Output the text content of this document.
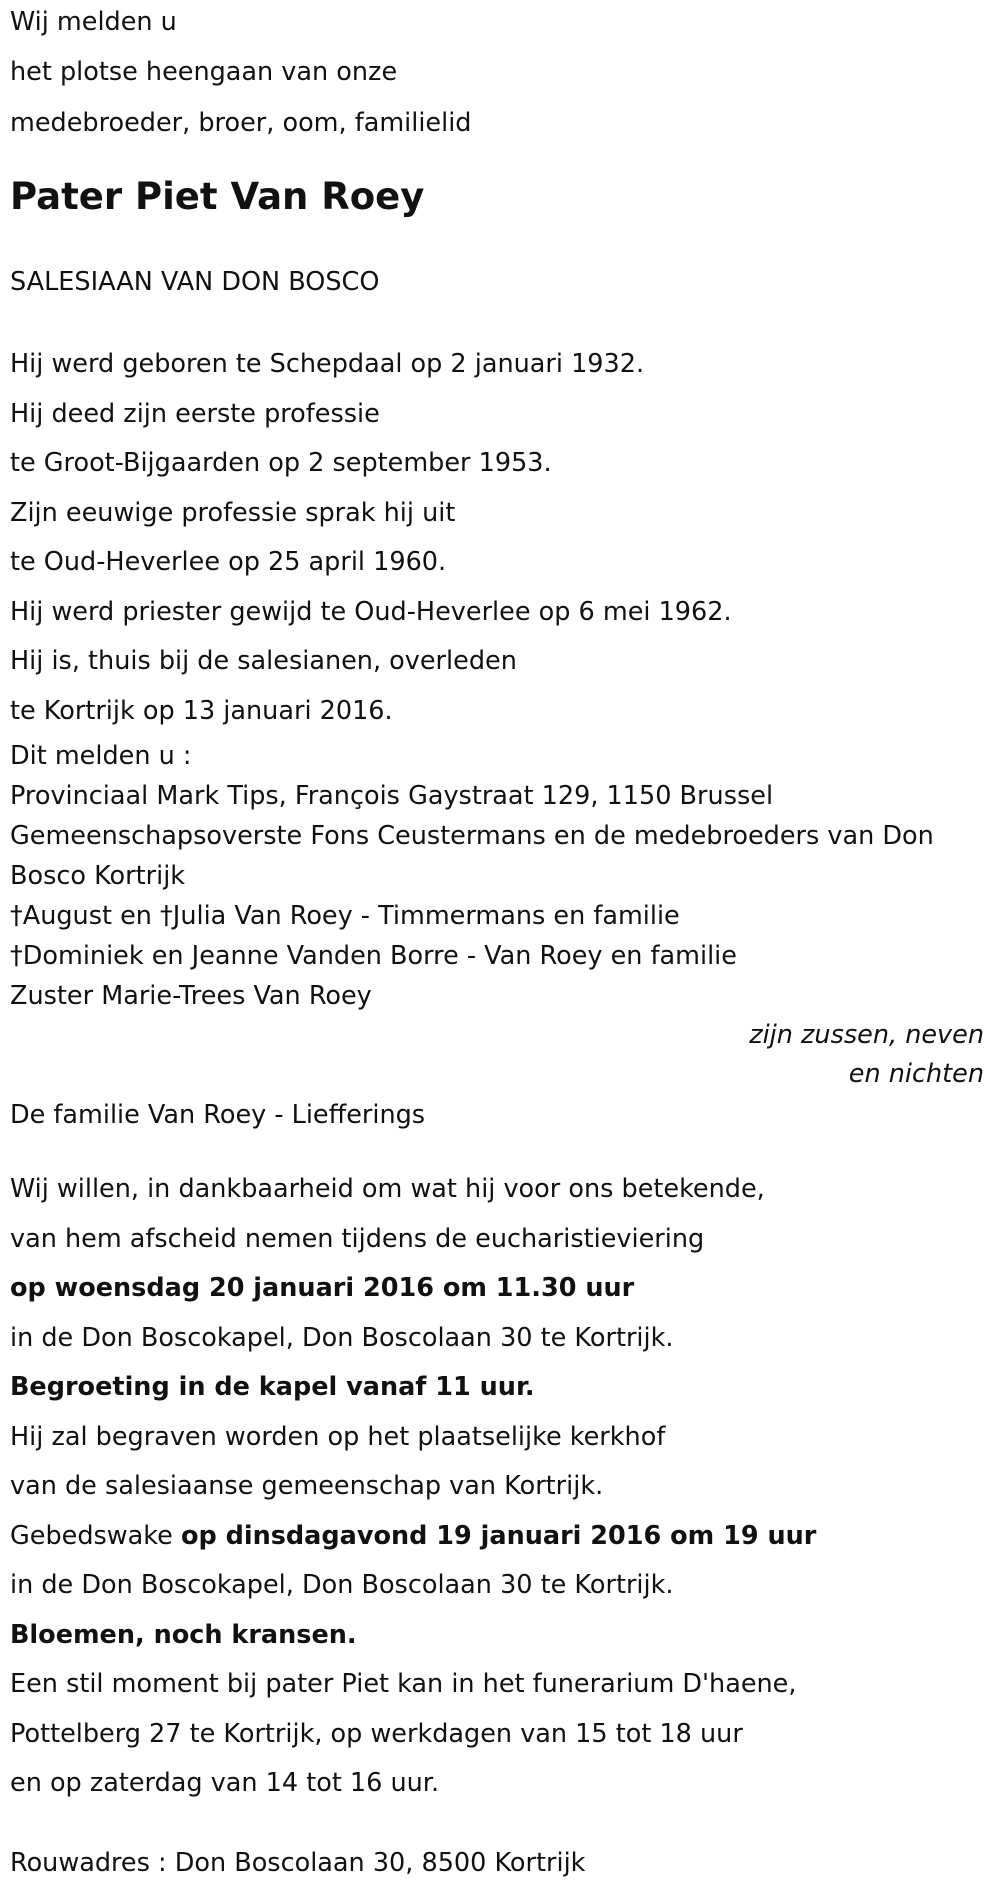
Wij melden u
het plotse heengaan van onze
medebroeder, broer, oom, familielid
Pater Piet Van Roey
SALESIAAN VAN DON BOSCO
Hij werd geboren te Schepdaal op 2 januari 1932.
Hij deed zijn eerste professie
te Groot-Bijgaarden op 2 september 1953.
Zijn eeuwige professie sprak hij uit
te Oud-Heverlee op 25 april 1960.
Hij werd priester gewijd te Oud-Heverlee op 6 mei 1962.
Hij is, thuis bij de salesianen, overleden
te Kortrijk op 13 januari 2016.
Dit melden u :
Provinciaal Mark Tips, François Gaystraat 129, 1150 Brussel
Gemeenschapsoverste Fons Ceustermans en de medebroeders van Don Bosco Kortrijk
†August en †Julia Van Roey - Timmermans en familie
†Dominiek en Jeanne Vanden Borre - Van Roey en familie
Zuster Marie-Trees Van Roey
zijn zussen, neven
en nichten
De familie Van Roey - Liefferings
Wij willen, in dankbaarheid om wat hij voor ons betekende,
van hem afscheid nemen tijdens de eucharistieviering
op woensdag 20 januari 2016 om 11.30 uur
in de Don Boscokapel, Don Boscolaan 30 te Kortrijk.
Begroeting in de kapel vanaf 11 uur.
Hij zal begraven worden op het plaatselijke kerkhof
van de salesiaanse gemeenschap van Kortrijk.
Gebedswake op dinsdagavond 19 januari 2016 om 19 uur
in de Don Boscokapel, Don Boscolaan 30 te Kortrijk.
Bloemen, noch kransen.
Een stil moment bij pater Piet kan in het funerarium D'haene,
Pottelberg 27 te Kortrijk, op werkdagen van 15 tot 18 uur
en op zaterdag van 14 tot 16 uur.
Rouwadres : Don Boscolaan 30, 8500 Kortrijk
